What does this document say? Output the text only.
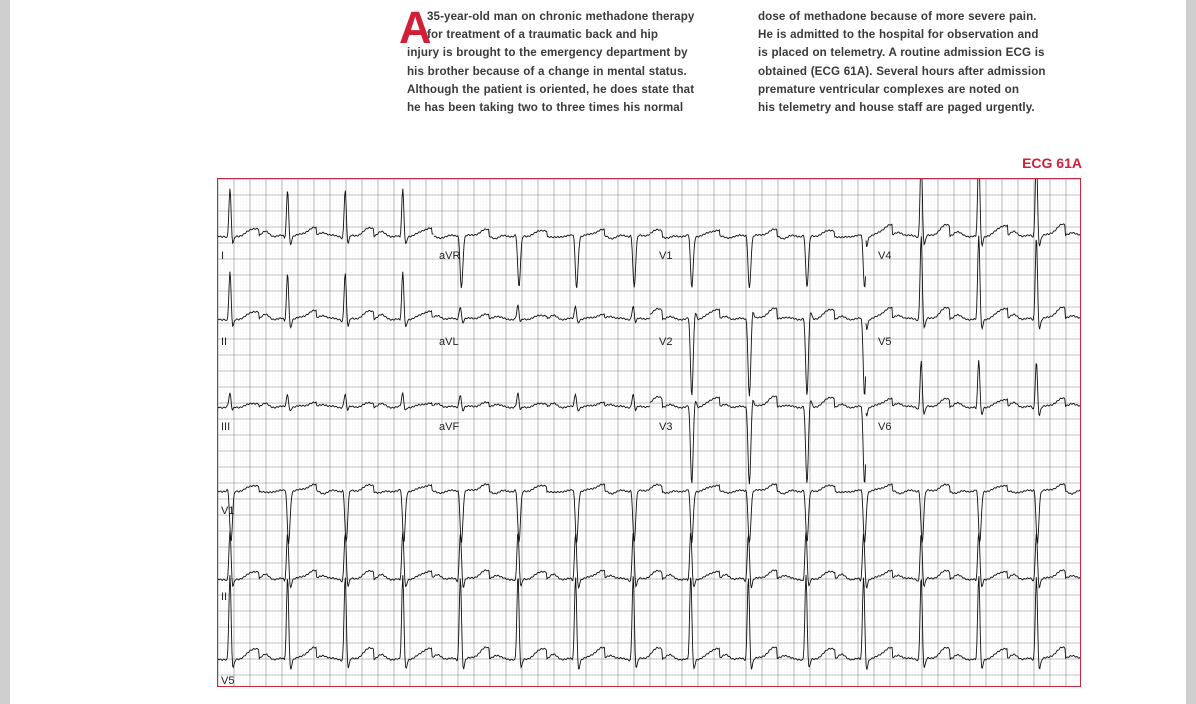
A
35-year-old man on chronic methadone therapy
for treatment of a traumatic back and hip
injury is brought to the emergency department by
his brother because of a change in mental status.
Although the patient is oriented, he does state that
he has been taking two to three times his normal
dose of methadone because of more severe pain.
He is admitted to the hospital for observation and
is placed on telemetry. A routine admission ECG is
obtained (ECG 61A). Several hours after admission
premature ventricular complexes are noted on
his telemetry and house staff are paged urgently.
ECG 61A
I	aVR	V1	V4
II	aVL	V2	V5
III	aVF	V3	V6
V1
II
V5
